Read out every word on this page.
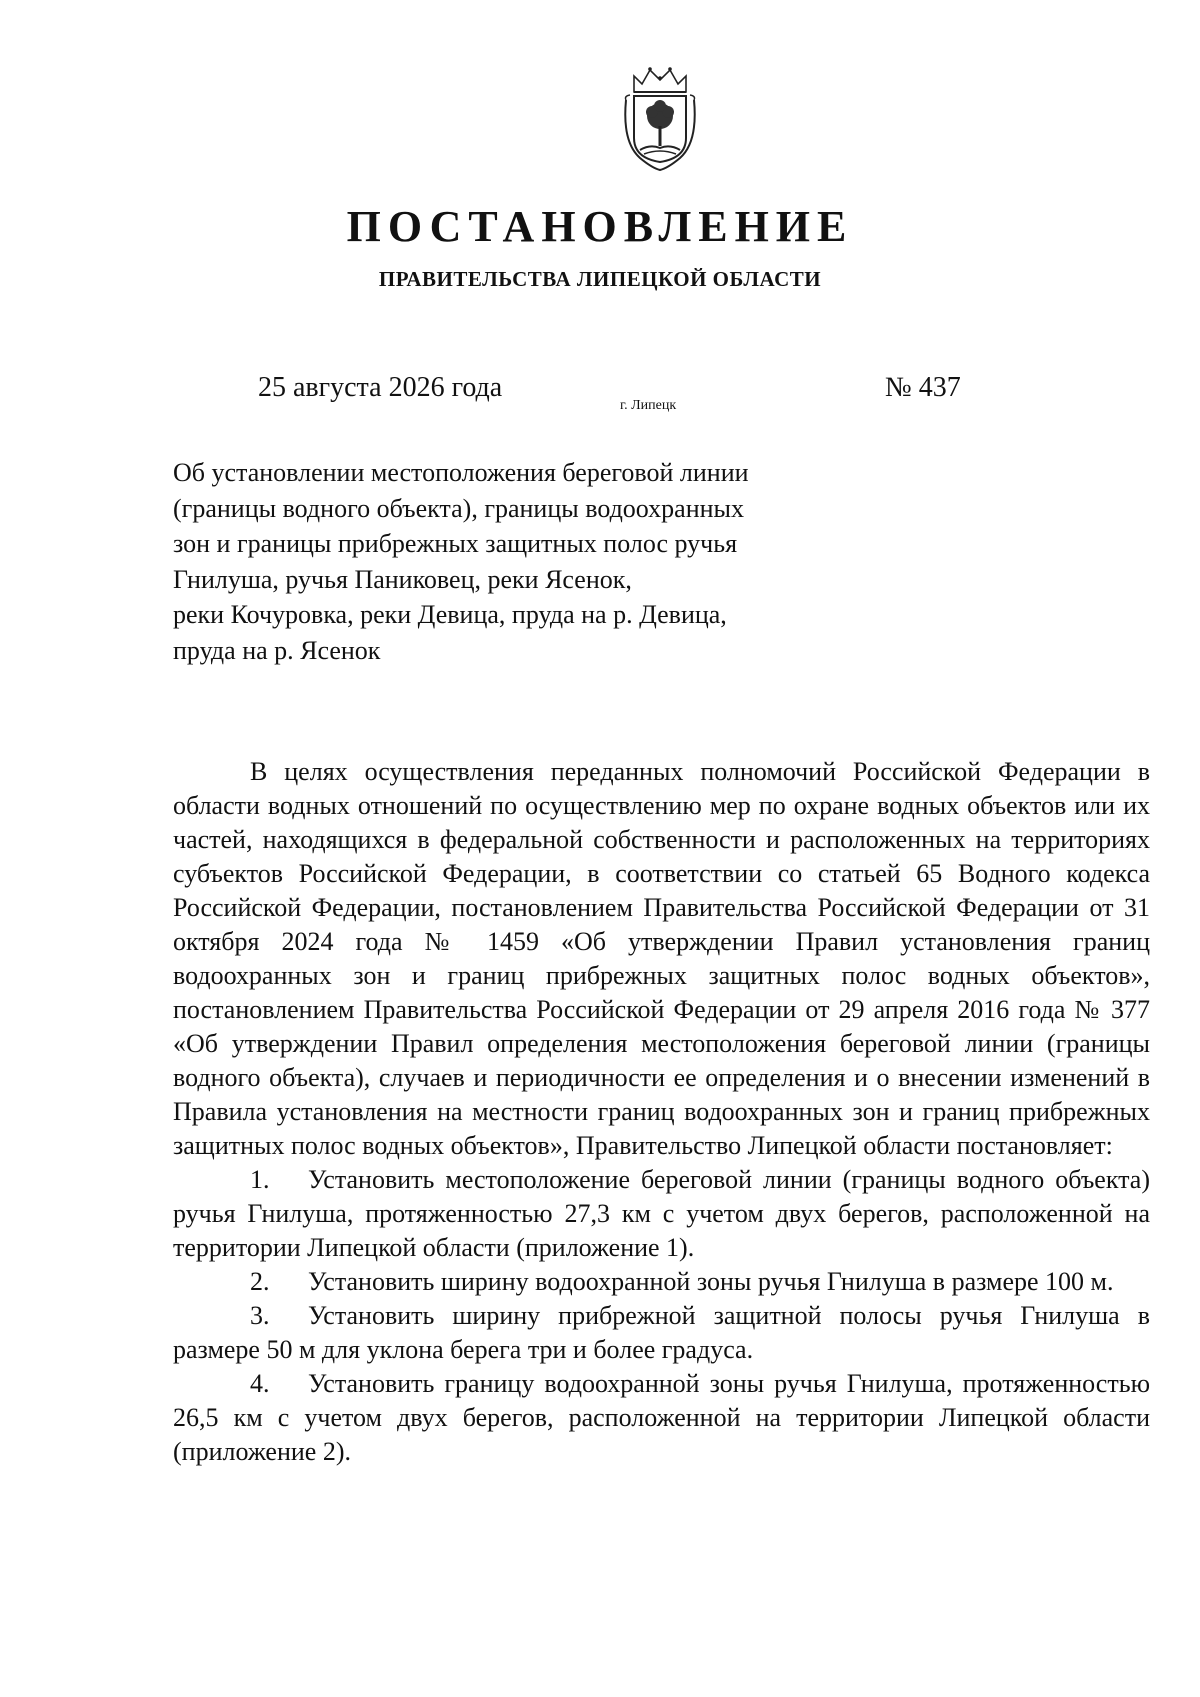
ПОСТАНОВЛЕНИЕ
ПРАВИТЕЛЬСТВА ЛИПЕЦКОЙ ОБЛАСТИ
25 августа 2026 года
г. Липецк
№ 437
Об установлении местоположения береговой линии
(границы водного объекта), границы водоохранных
зон и границы прибрежных защитных полос ручья
Гнилуша, ручья Паниковец, реки Ясенок,
реки Кочуровка, реки Девица, пруда на р. Девица,
пруда на р. Ясенок

В целях осуществления переданных полномочий Российской Федерации в области водных отношений по осуществлению мер по охране водных объектов или их частей, находящихся в федеральной собственности и расположенных на территориях субъектов Российской Федерации, в соответствии со статьей 65 Водного кодекса Российской Федерации, постановлением Правительства Российской Федерации от 31 октября 2024 года № 1459 «Об утверждении Правил установления границ водоохранных зон и границ прибрежных защитных полос водных объектов», постановлением Правительства Российской Федерации от 29 апреля 2016 года № 377 «Об утверждении Правил определения местоположения береговой линии (границы водного объекта), случаев и периодичности ее определения и о внесении изменений в Правила установления на местности границ водоохранных зон и границ прибрежных защитных полос водных объектов», Правительство Липецкой области постановляет:

1. Установить местоположение береговой линии (границы водного объекта) ручья Гнилуша, протяженностью 27,3 км с учетом двух берегов, расположенной на территории Липецкой области (приложение 1).

2. Установить ширину водоохранной зоны ручья Гнилуша в размере 100 м.

3. Установить ширину прибрежной защитной полосы ручья Гнилуша в размере 50 м для уклона берега три и более градуса.

4. Установить границу водоохранной зоны ручья Гнилуша, протяженностью 26,5 км с учетом двух берегов, расположенной на территории Липецкой области (приложение 2).
